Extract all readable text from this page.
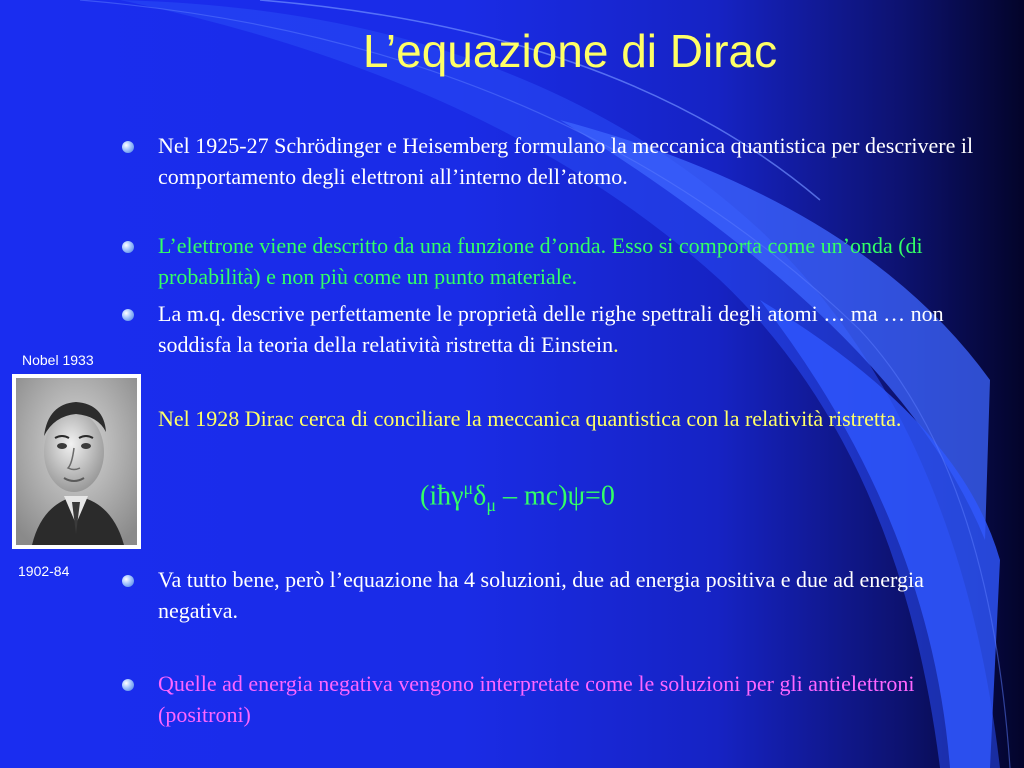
L’equazione di Dirac
Nobel 1933
1902-84
Nel 1925-27 Schrödinger e Heisemberg formulano la meccanica quantistica per descrivere il comportamento degli elettroni all’interno dell’atomo.
L’elettrone viene descritto da una funzione d’onda. Esso si comporta come un’onda (di probabilità) e non più come un punto materiale.
La m.q. descrive perfettamente le proprietà delle righe spettrali degli atomi … ma … non soddisfa la teoria della relatività ristretta di Einstein.
Nel 1928 Dirac cerca di conciliare la meccanica quantistica con la relatività ristretta.
Va tutto bene, però l’equazione ha 4 soluzioni, due ad energia positiva e due ad energia negativa.
Quelle ad energia negativa vengono interpretate come le soluzioni per gli antielettroni (positroni)
$(iħ\gamma^\mu\delta_\mu - mc)\psi=0$
